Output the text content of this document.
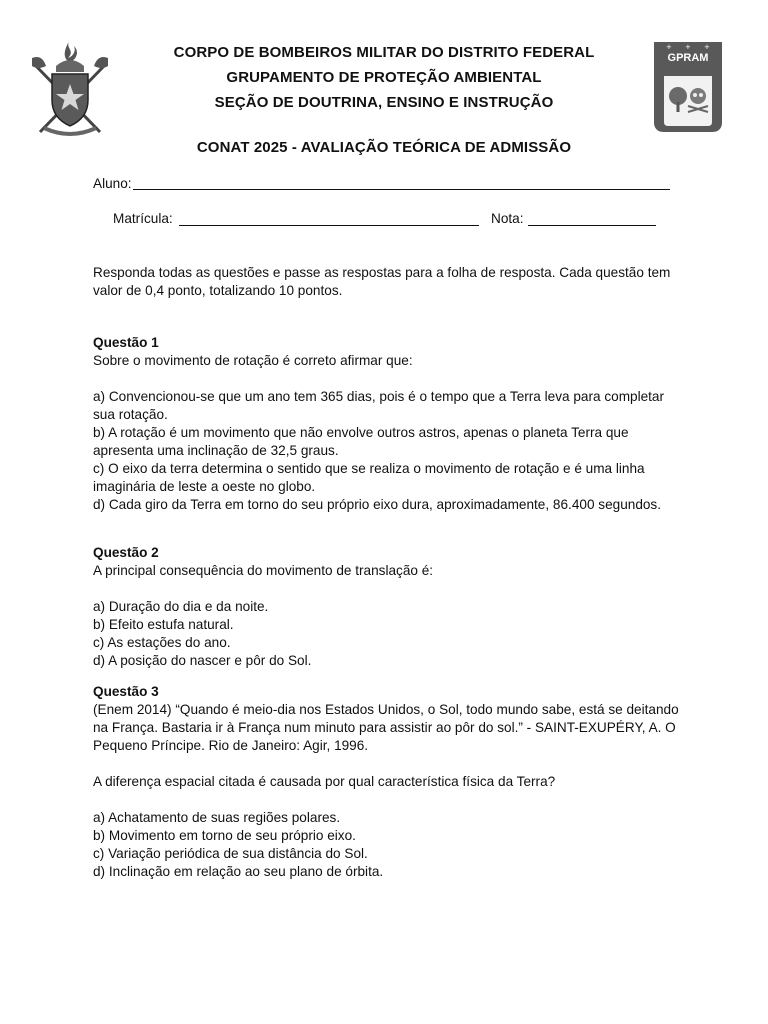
+ + +
GPRAM
CORPO DE BOMBEIROS MILITAR DO DISTRITO FEDERAL
GRUPAMENTO DE PROTEÇÃO AMBIENTAL
SEÇÃO DE DOUTRINA, ENSINO E INSTRUÇÃO
CONAT 2025 - AVALIAÇÃO TEÓRICA DE ADMISSÃO
Aluno:
Matrícula:	Nota:
Responda todas as questões e passe as respostas para a folha de resposta. Cada questão tem valor de 0,4 ponto, totalizando 10 pontos.

Questão 1

Sobre o movimento de rotação é correto afirmar que:

a) Convencionou-se que um ano tem 365 dias, pois é o tempo que a Terra leva para completar sua rotação.

b) A rotação é um movimento que não envolve outros astros, apenas o planeta Terra que apresenta uma inclinação de 32,5 graus.

c) O eixo da terra determina o sentido que se realiza o movimento de rotação e é uma linha imaginária de leste a oeste no globo.

d) Cada giro da Terra em torno do seu próprio eixo dura, aproximadamente, 86.400 segundos.

Questão 2

A principal consequência do movimento de translação é:

a) Duração do dia e da noite.

b) Efeito estufa natural.

c) As estações do ano.

d) A posição do nascer e pôr do Sol.

Questão 3

(Enem 2014) “Quando é meio-dia nos Estados Unidos, o Sol, todo mundo sabe, está se deitando na França. Bastaria ir à França num minuto para assistir ao pôr do sol.” - SAINT-EXUPÉRY, A. O Pequeno Príncipe. Rio de Janeiro: Agir, 1996.

A diferença espacial citada é causada por qual característica física da Terra?

a) Achatamento de suas regiões polares.

b) Movimento em torno de seu próprio eixo.

c) Variação periódica de sua distância do Sol.

d) Inclinação em relação ao seu plano de órbita.
